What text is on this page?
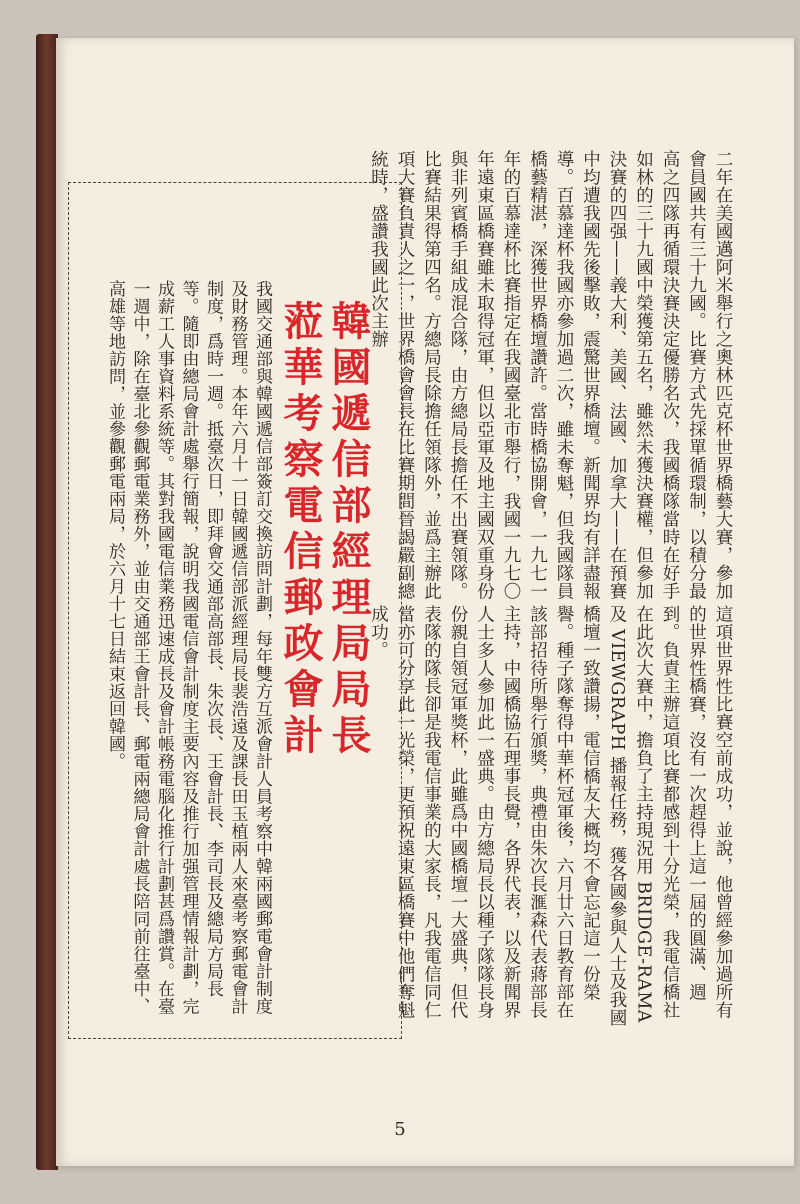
二年在美國邁阿米舉行之奧林匹克杯世界橋藝大賽，參加會員國共有三十九國。比賽方式先採單循環制，以積分最高之四隊再循環決賽決定優勝名次，我國橋隊當時在好手如林的三十九國中榮獲第五名，雖然未獲決賽權，但參加決賽的四强——義大利、美國、法國、加拿大——在預賽中均遭我國先後擊敗，震驚世界橋壇。新聞界均有詳盡報導。百慕達杯我國亦參加過二次，雖未奪魁，但我國隊員橋藝精湛，深獲世界橋壇讚許。當時橋協開會，一九七一年的百慕達杯比賽指定在我國臺北市舉行，我國一九七〇年遠東區橋賽雖未取得冠軍，但以亞軍及地主國双重身份與非列賓橋手組成混合隊，由方總局長擔任不出賽領隊。比賽結果得第四名。方總局長除擔任領隊外，並爲主辦此項大賽負責人之一，世界橋會會長在比賽期間晉謁嚴副總統時，盛讚我國此次主辦
這項世界性比賽空前成功，並說，他曾經參加過所有的世界性橋賽，沒有一次趕得上這一屆的圓滿、週到。負責主辦這項比賽都感到十分光榮，我電信橋社在此次大賽中，擔負了主持現況用 BRIDGE-RAMA 及 VIEWGRAPH 播報任務，獲各國參與人士及我國橋壇一致讚揚，電信橋友大概均不會忘記這一份榮譽。種子隊奪得中華杯冠軍後，六月廿六日教育部在該部招待所舉行頒獎，典禮由朱次長滙森代表蔣部長主持，中國橋協石理事長覺，各界代表，以及新聞界人士多人參加此一盛典。由方總局長以種子隊隊長身份親自領冠軍獎杯，此雖爲中國橋壇一大盛典，但代表隊的隊長卻是我電信事業的大家長，凡我電信同仁當亦可分享此一光榮，更預祝遠東區橋賽中他們奪魁成功。
韓國遞信部經理局局長
蒞華考察電信郵政會計
我國交通部與韓國遞信部簽訂交換訪問計劃，每年雙方互派會計人員考察中韓兩國郵電會計制度及財務管理。本年六月十一日韓國遞信部派經理局長裴浩遠及課長田玉植兩人來臺考察郵電會計制度，爲時一週。抵臺次日，即拜會交通部高部長、朱次長、王會計長、李司長及總局方局長等。隨即由總局會計處舉行簡報，說明我國電信會計制度主要內容及推行加强管理情報計劃，完成薪工人事資料系統等。其對我國電信業務迅速成長及會計帳務電腦化推行計劃甚爲讚賞。在臺一週中，除在臺北參觀郵電業務外，並由交通部王會計長、郵電兩總局會計處長陪同前往臺中、高雄等地訪問，並參觀郵電兩局，於六月十七日結束返回韓國。
5
